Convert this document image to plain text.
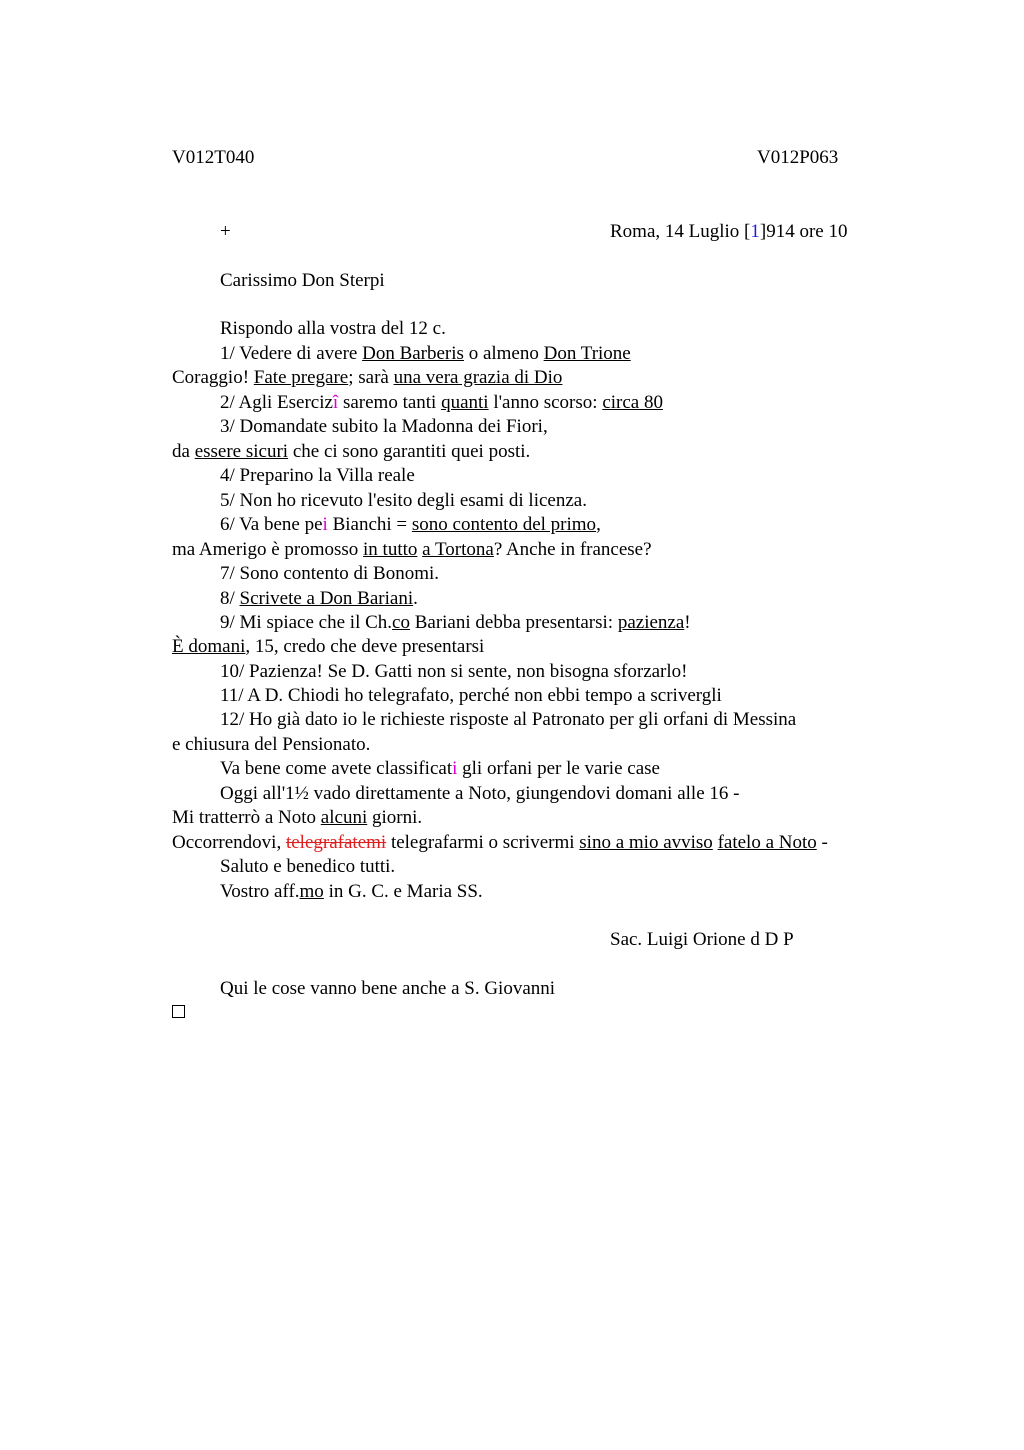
V012T040	V012P063
+	Roma, 14 Luglio [1]914 ore 10
Carissimo Don Sterpi
Rispondo alla vostra del 12 c.
1/ Vedere di avere Don Barberis o almeno Don Trione
Coraggio! Fate pregare; sarà una vera grazia di Dio
2/ Agli Esercizî saremo tanti quanti l'anno scorso: circa 80
3/ Domandate subito la Madonna dei Fiori,
da essere sicuri che ci sono garantiti quei posti.
4/ Preparino la Villa reale
5/ Non ho ricevuto l'esito degli esami di licenza.
6/ Va bene pei Bianchi = sono contento del primo,
ma Amerigo è promosso in tutto a Tortona? Anche in francese?
7/ Sono contento di Bonomi.
8/ Scrivete a Don Bariani.
9/ Mi spiace che il Ch.co Bariani debba presentarsi: pazienza!
È domani, 15, credo che deve presentarsi
10/ Pazienza! Se D. Gatti non si sente, non bisogna sforzarlo!
11/ A D. Chiodi ho telegrafato, perché non ebbi tempo a scrivergli
12/ Ho già dato io le richieste risposte al Patronato per gli orfani di Messina
e chiusura del Pensionato.
Va bene come avete classificati gli orfani per le varie case
Oggi all'1½ vado direttamente a Noto, giungendovi domani alle 16 -
Mi tratterrò a Noto alcuni giorni.
Occorrendovi, telegrafatemi telegrafarmi o scrivermi sino a mio avviso fatelo a Noto -
Saluto e benedico tutti.
Vostro aff.mo in G. C. e Maria SS.
Sac. Luigi Orione d D P
Qui le cose vanno bene anche a S. Giovanni
